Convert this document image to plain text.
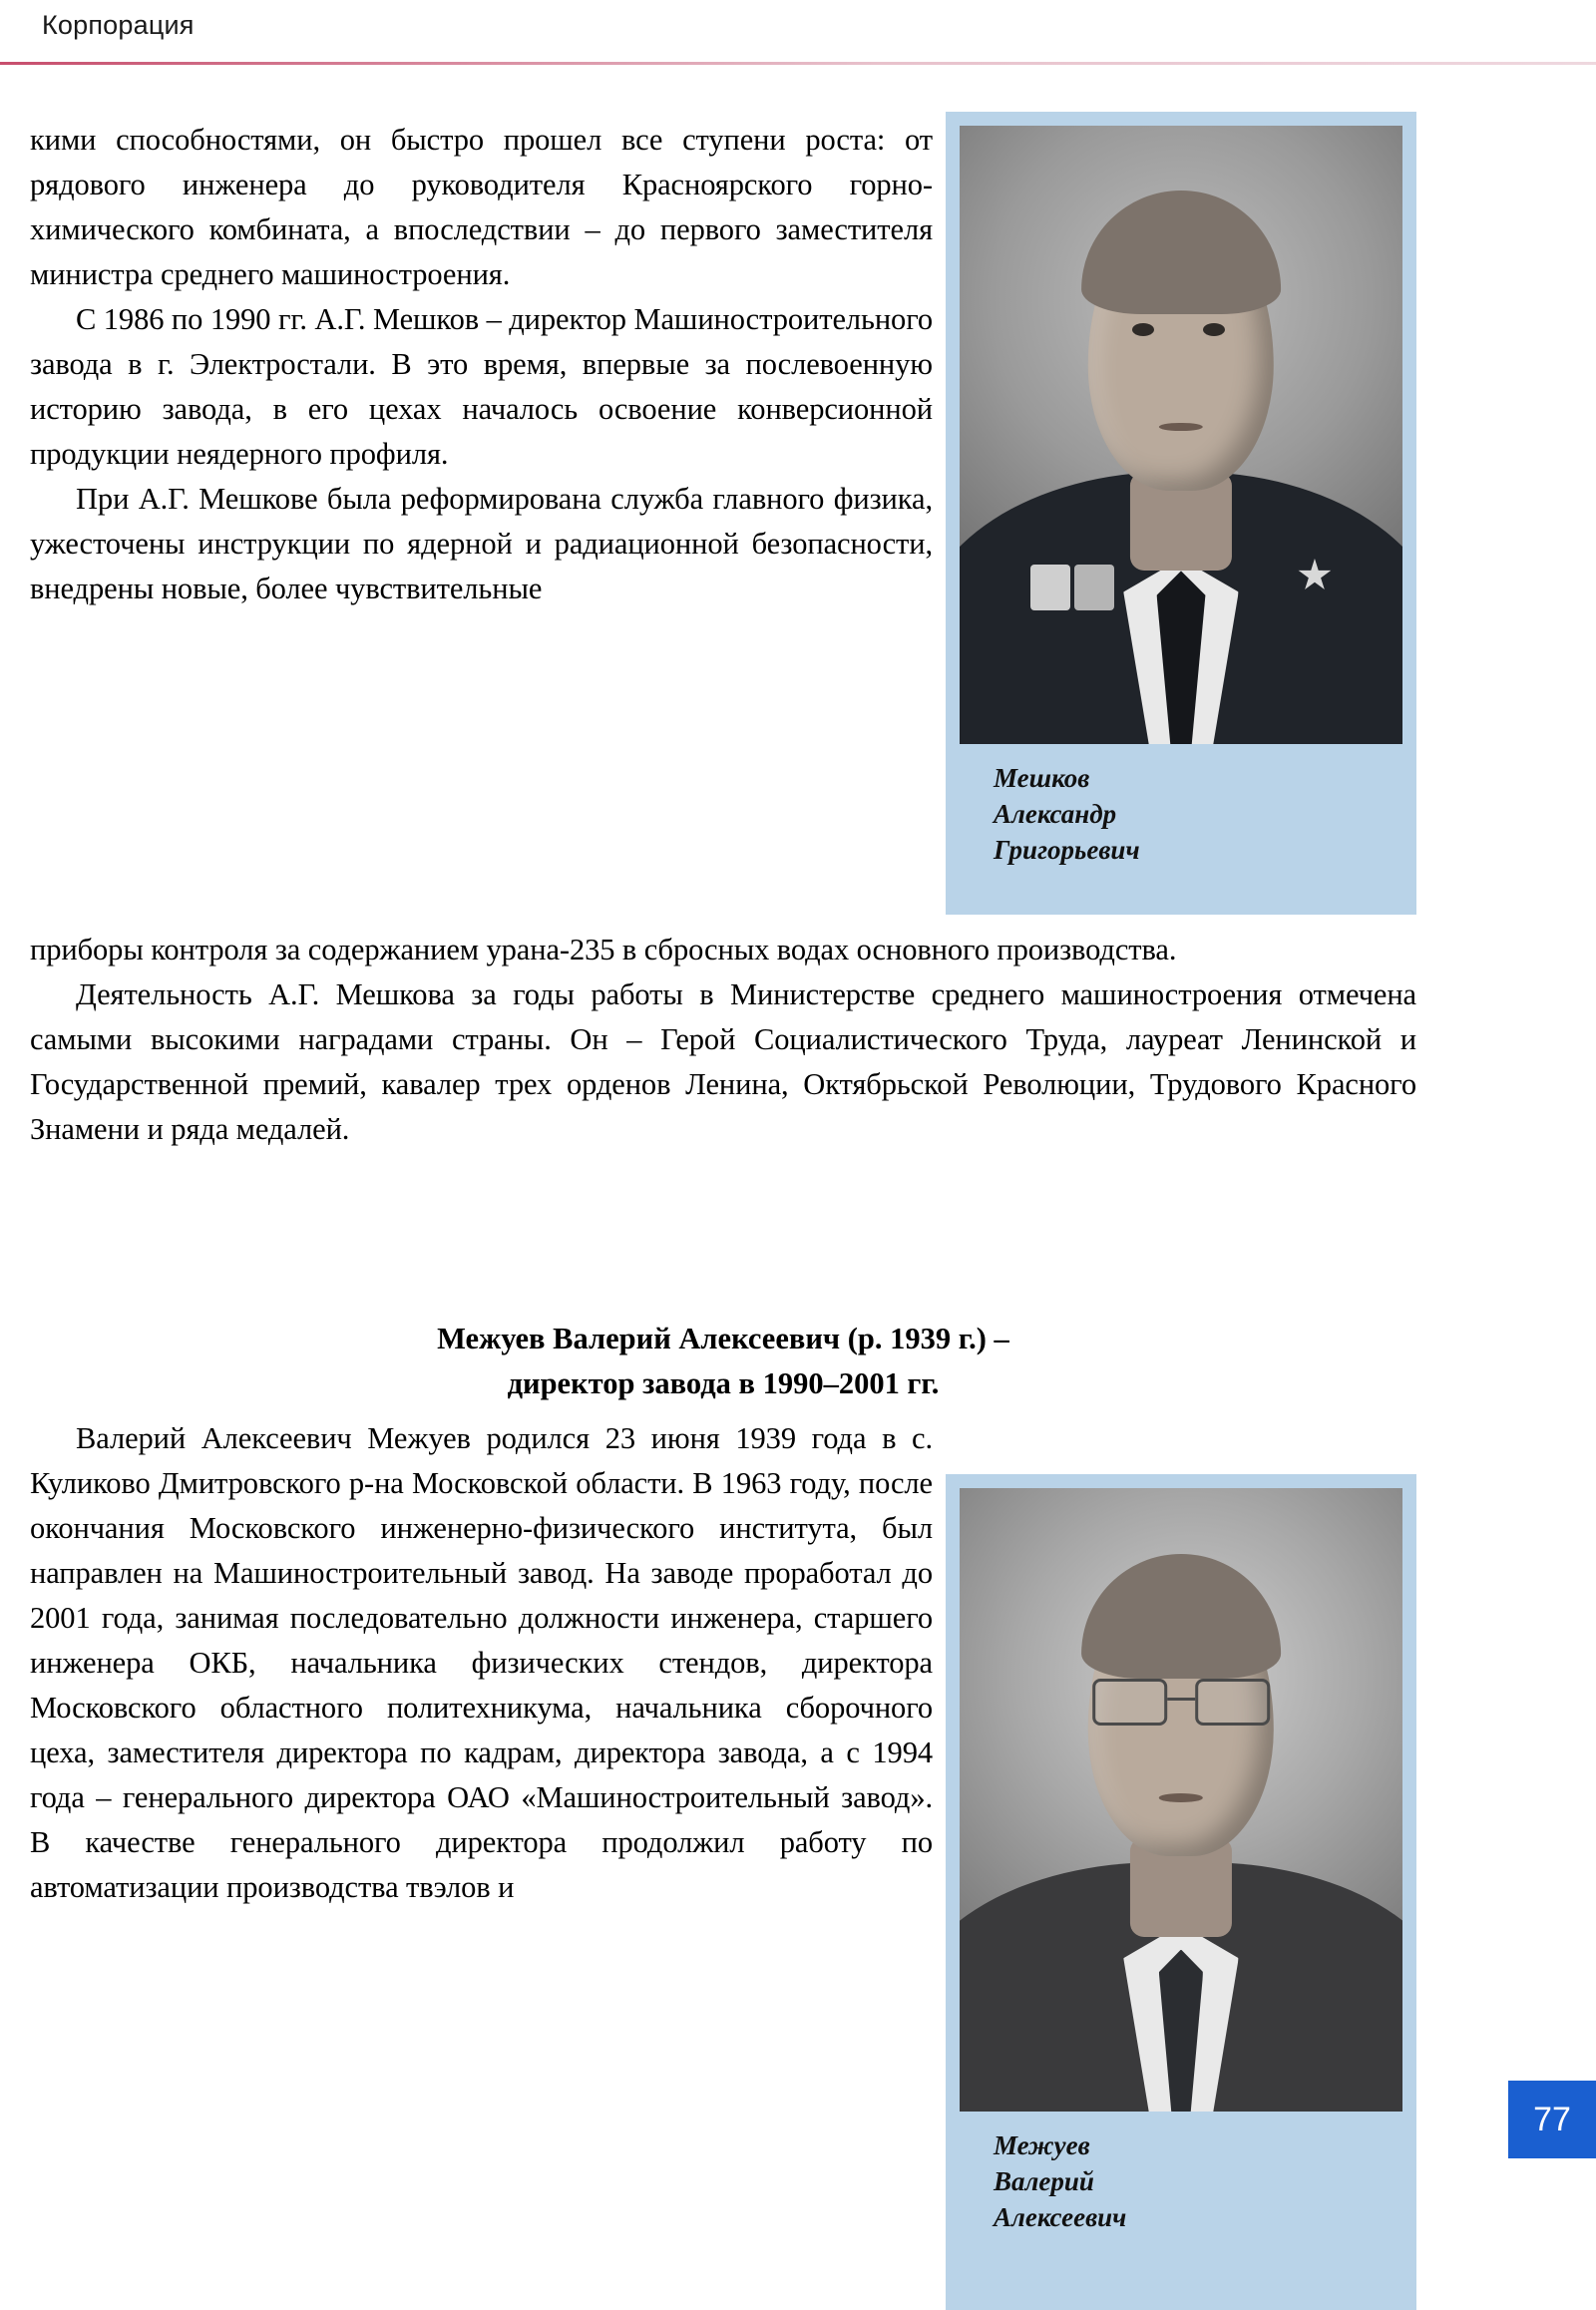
Корпорация

кими способностями, он быстро прошел все ступени роста: от рядового инженера до руководителя Красноярского горно-химического комбината, а впоследствии – до первого заместителя министра среднего машиностроения.

С 1986 по 1990 гг. А.Г. Мешков – директор Машиностроительного завода в г. Электростали. В это время, впервые за послевоенную историю завода, в его цехах началось освоение конверсионной продукции неядерного профиля.

При А.Г. Мешкове была реформирована служба главного физика, ужесточены инструкции по ядерной и радиационной безопасности, внедрены новые, более чувствительные

Мешков
Александр
Григорьевич

приборы контроля за содержанием урана-235 в сбросных водах основного производства.

Деятельность А.Г. Мешкова за годы работы в Министерстве среднего машиностроения отмечена самыми высокими наградами страны. Он – Герой Социалистического Труда, лауреат Ленинской и Государственной премий, кавалер трех орденов Ленина, Октябрьской Революции, Трудового Красного Знамени и ряда медалей.

Межуев Валерий Алексеевич (р. 1939 г.) –
директор завода в 1990–2001 гг.

Валерий Алексеевич Межуев родился 23 июня 1939 года в с. Куликово Дмитровского р-на Московской области. В 1963 году, после окончания Московского инженерно-физического института, был направлен на Машиностроительный завод. На заводе проработал до 2001 года, занимая последовательно должности инженера, старшего инженера ОКБ, начальника физических стендов, директора Московского областного политехникума, начальника сборочного цеха, заместителя директора по кадрам, директора завода, а с 1994 года – генерального директора ОАО «Машиностроительный завод». В качестве генерального директора продолжил работу по автоматизации производства твэлов и

Межуев
Валерий
Алексеевич
77
